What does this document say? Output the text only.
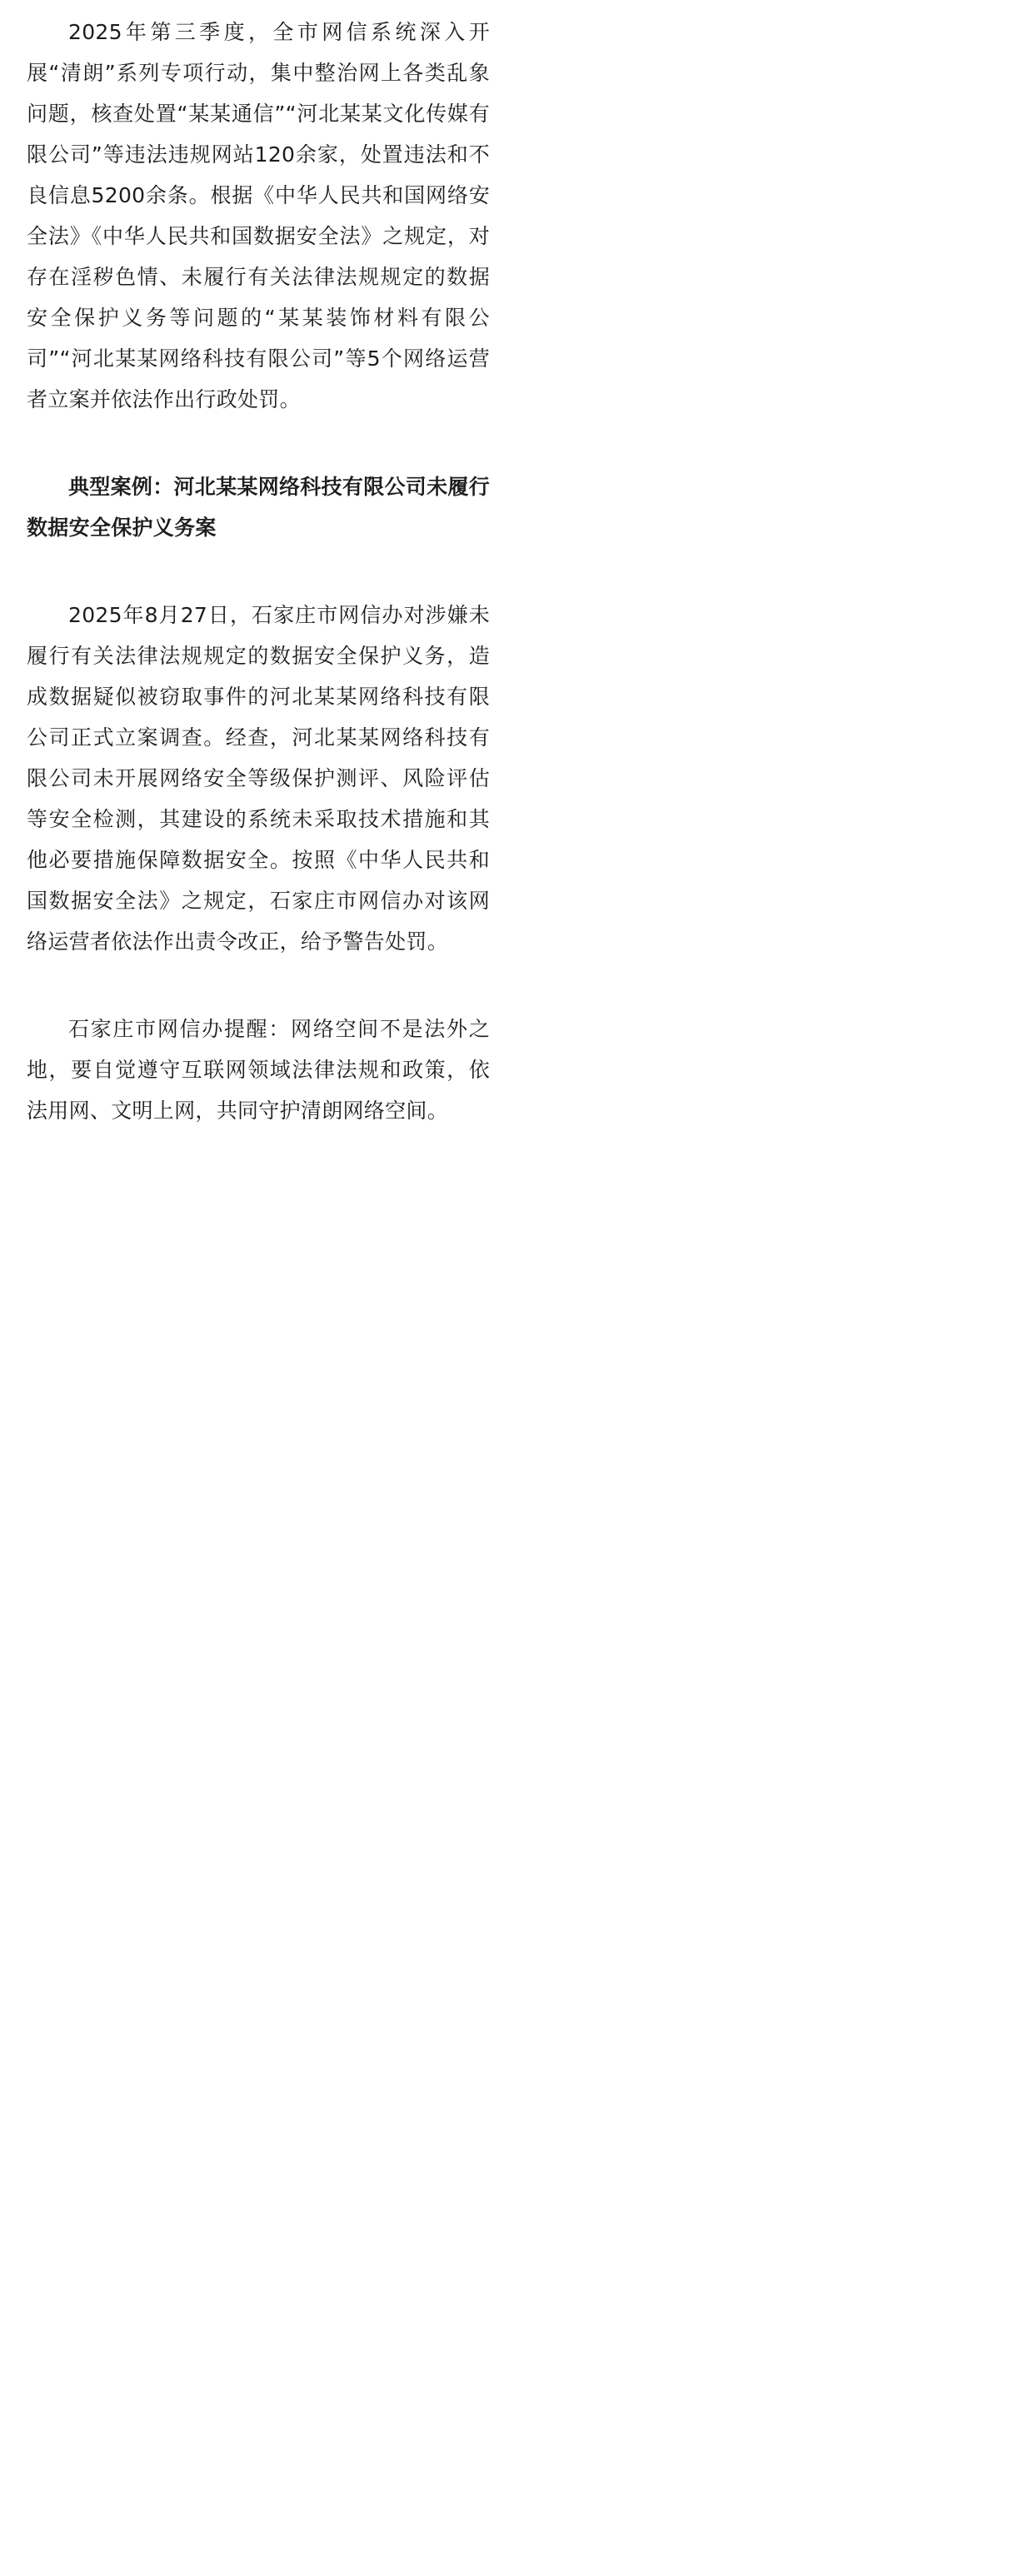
2025年第三季度，全市网信系统深入开展“清朗”系列专项行动，集中整治网上各类乱象问题，核查处置“某某通信”“河北某某文化传媒有限公司”等违法违规网站120余家，处置违法和不良信息5200余条。根据《中华人民共和国网络安全法》《中华人民共和国数据安全法》之规定，对存在淫秽色情、未履行有关法律法规规定的数据安全保护义务等问题的“某某装饰材料有限公司”“河北某某网络科技有限公司”等5个网络运营者立案并依法作出行政处罚。

典型案例：河北某某网络科技有限公司未履行数据安全保护义务案

2025年8月27日，石家庄市网信办对涉嫌未履行有关法律法规规定的数据安全保护义务，造成数据疑似被窃取事件的河北某某网络科技有限公司正式立案调查。经查，河北某某网络科技有限公司未开展网络安全等级保护测评、风险评估等安全检测，其建设的系统未采取技术措施和其他必要措施保障数据安全。按照《中华人民共和国数据安全法》之规定，石家庄市网信办对该网络运营者依法作出责令改正，给予警告处罚。

石家庄市网信办提醒：网络空间不是法外之地，要自觉遵守互联网领域法律法规和政策，依法用网、文明上网，共同守护清朗网络空间。
